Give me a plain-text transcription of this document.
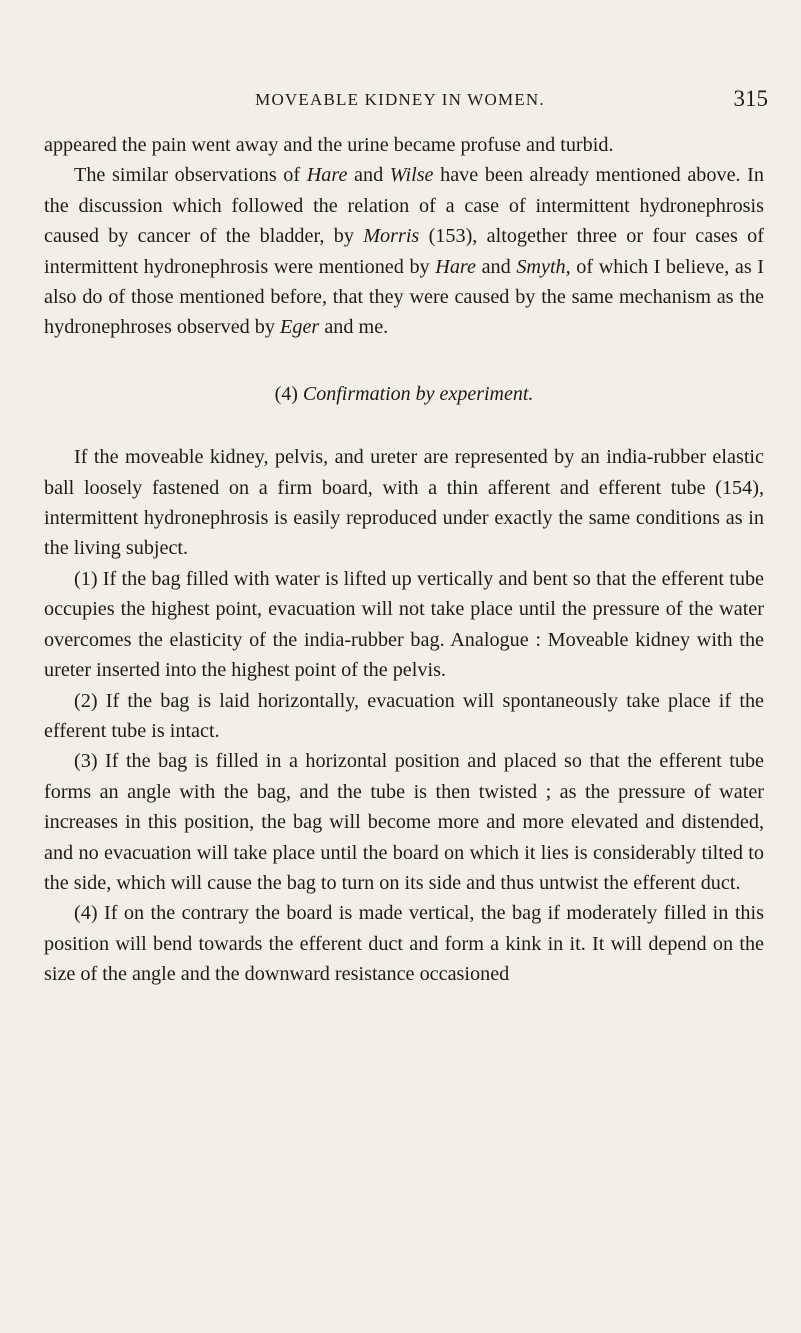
MOVEABLE KIDNEY IN WOMEN.	315

appeared the pain went away and the urine became profuse and turbid.

The similar observations of Hare and Wilse have been already mentioned above. In the discussion which followed the relation of a case of intermittent hydronephrosis caused by cancer of the bladder, by Morris (153), altogether three or four cases of intermittent hydronephrosis were mentioned by Hare and Smyth, of which I believe, as I also do of those mentioned before, that they were caused by the same mechanism as the hydronephroses observed by Eger and me.

(4) Confirmation by experiment.

If the moveable kidney, pelvis, and ureter are represented by an india-rubber elastic ball loosely fastened on a firm board, with a thin afferent and efferent tube (154), intermittent hydronephrosis is easily reproduced under exactly the same conditions as in the living subject.

(1) If the bag filled with water is lifted up vertically and bent so that the efferent tube occupies the highest point, evacuation will not take place until the pressure of the water overcomes the elasticity of the india-rubber bag. Analogue : Moveable kidney with the ureter inserted into the highest point of the pelvis.

(2) If the bag is laid horizontally, evacuation will spontaneously take place if the efferent tube is intact.

(3) If the bag is filled in a horizontal position and placed so that the efferent tube forms an angle with the bag, and the tube is then twisted ; as the pressure of water increases in this position, the bag will become more and more elevated and distended, and no evacuation will take place until the board on which it lies is considerably tilted to the side, which will cause the bag to turn on its side and thus untwist the efferent duct.

(4) If on the contrary the board is made vertical, the bag if moderately filled in this position will bend towards the efferent duct and form a kink in it. It will depend on the size of the angle and the downward resistance occasioned
